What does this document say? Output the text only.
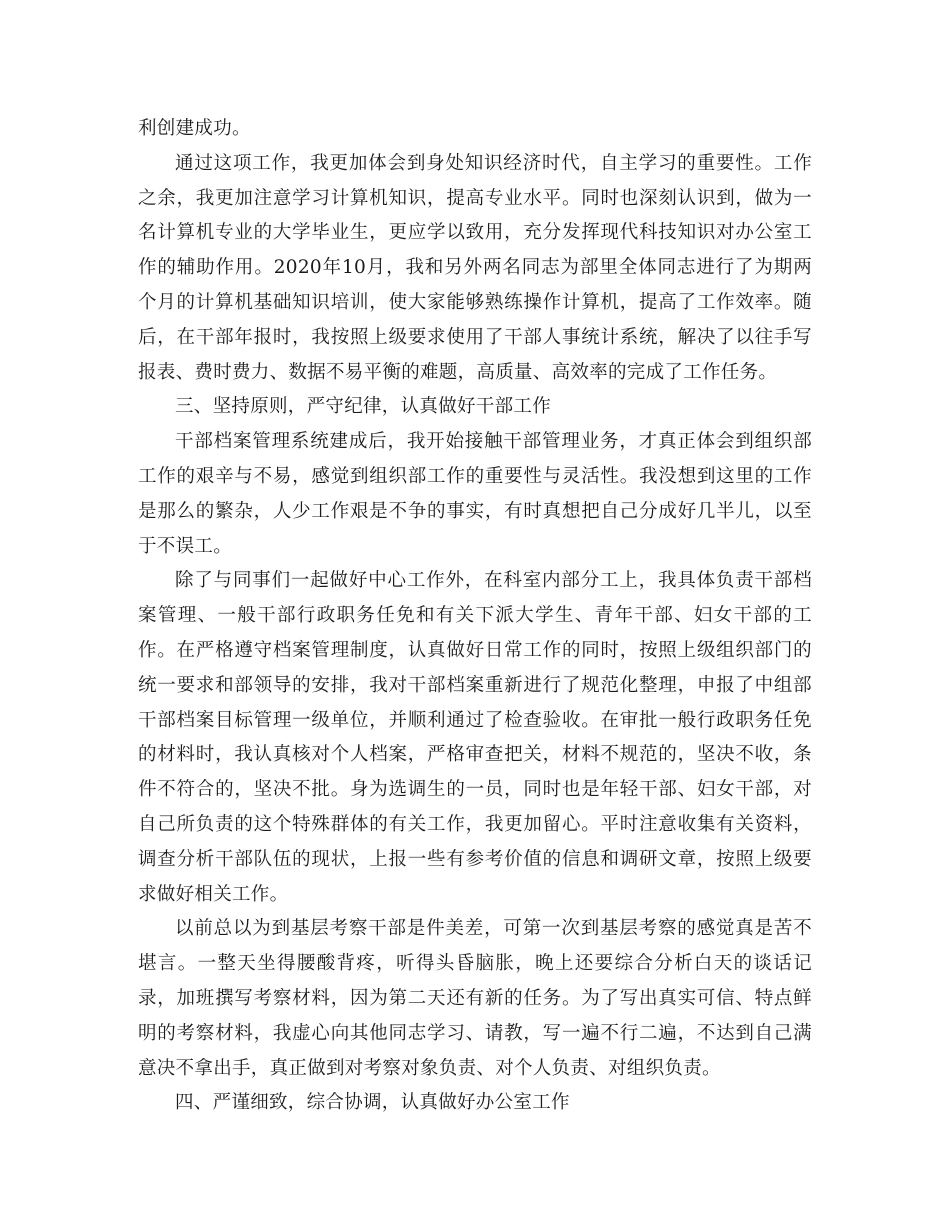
利创建成功。

通过这项工作，我更加体会到身处知识经济时代，自主学习的重要性。工作之余，我更加注意学习计算机知识，提高专业水平。同时也深刻认识到，做为一名计算机专业的大学毕业生，更应学以致用，充分发挥现代科技知识对办公室工作的辅助作用。2020年10月，我和另外两名同志为部里全体同志进行了为期两个月的计算机基础知识培训，使大家能够熟练操作计算机，提高了工作效率。随后，在干部年报时，我按照上级要求使用了干部人事统计系统，解决了以往手写报表、费时费力、数据不易平衡的难题，高质量、高效率的完成了工作任务。

三、坚持原则，严守纪律，认真做好干部工作

干部档案管理系统建成后，我开始接触干部管理业务，才真正体会到组织部工作的艰辛与不易，感觉到组织部工作的重要性与灵活性。我没想到这里的工作是那么的繁杂，人少工作艰是不争的事实，有时真想把自己分成好几半儿，以至于不误工。

除了与同事们一起做好中心工作外，在科室内部分工上，我具体负责干部档案管理、一般干部行政职务任免和有关下派大学生、青年干部、妇女干部的工作。在严格遵守档案管理制度，认真做好日常工作的同时，按照上级组织部门的统一要求和部领导的安排，我对干部档案重新进行了规范化整理，申报了中组部干部档案目标管理一级单位，并顺利通过了检查验收。在审批一般行政职务任免的材料时，我认真核对个人档案，严格审查把关，材料不规范的，坚决不收，条件不符合的，坚决不批。身为选调生的一员，同时也是年轻干部、妇女干部，对自己所负责的这个特殊群体的有关工作，我更加留心。平时注意收集有关资料，调查分析干部队伍的现状，上报一些有参考价值的信息和调研文章，按照上级要求做好相关工作。

以前总以为到基层考察干部是件美差，可第一次到基层考察的感觉真是苦不堪言。一整天坐得腰酸背疼，听得头昏脑胀，晚上还要综合分析白天的谈话记录，加班撰写考察材料，因为第二天还有新的任务。为了写出真实可信、特点鲜明的考察材料，我虚心向其他同志学习、请教，写一遍不行二遍，不达到自己满意决不拿出手，真正做到对考察对象负责、对个人负责、对组织负责。

四、严谨细致，综合协调，认真做好办公室工作
